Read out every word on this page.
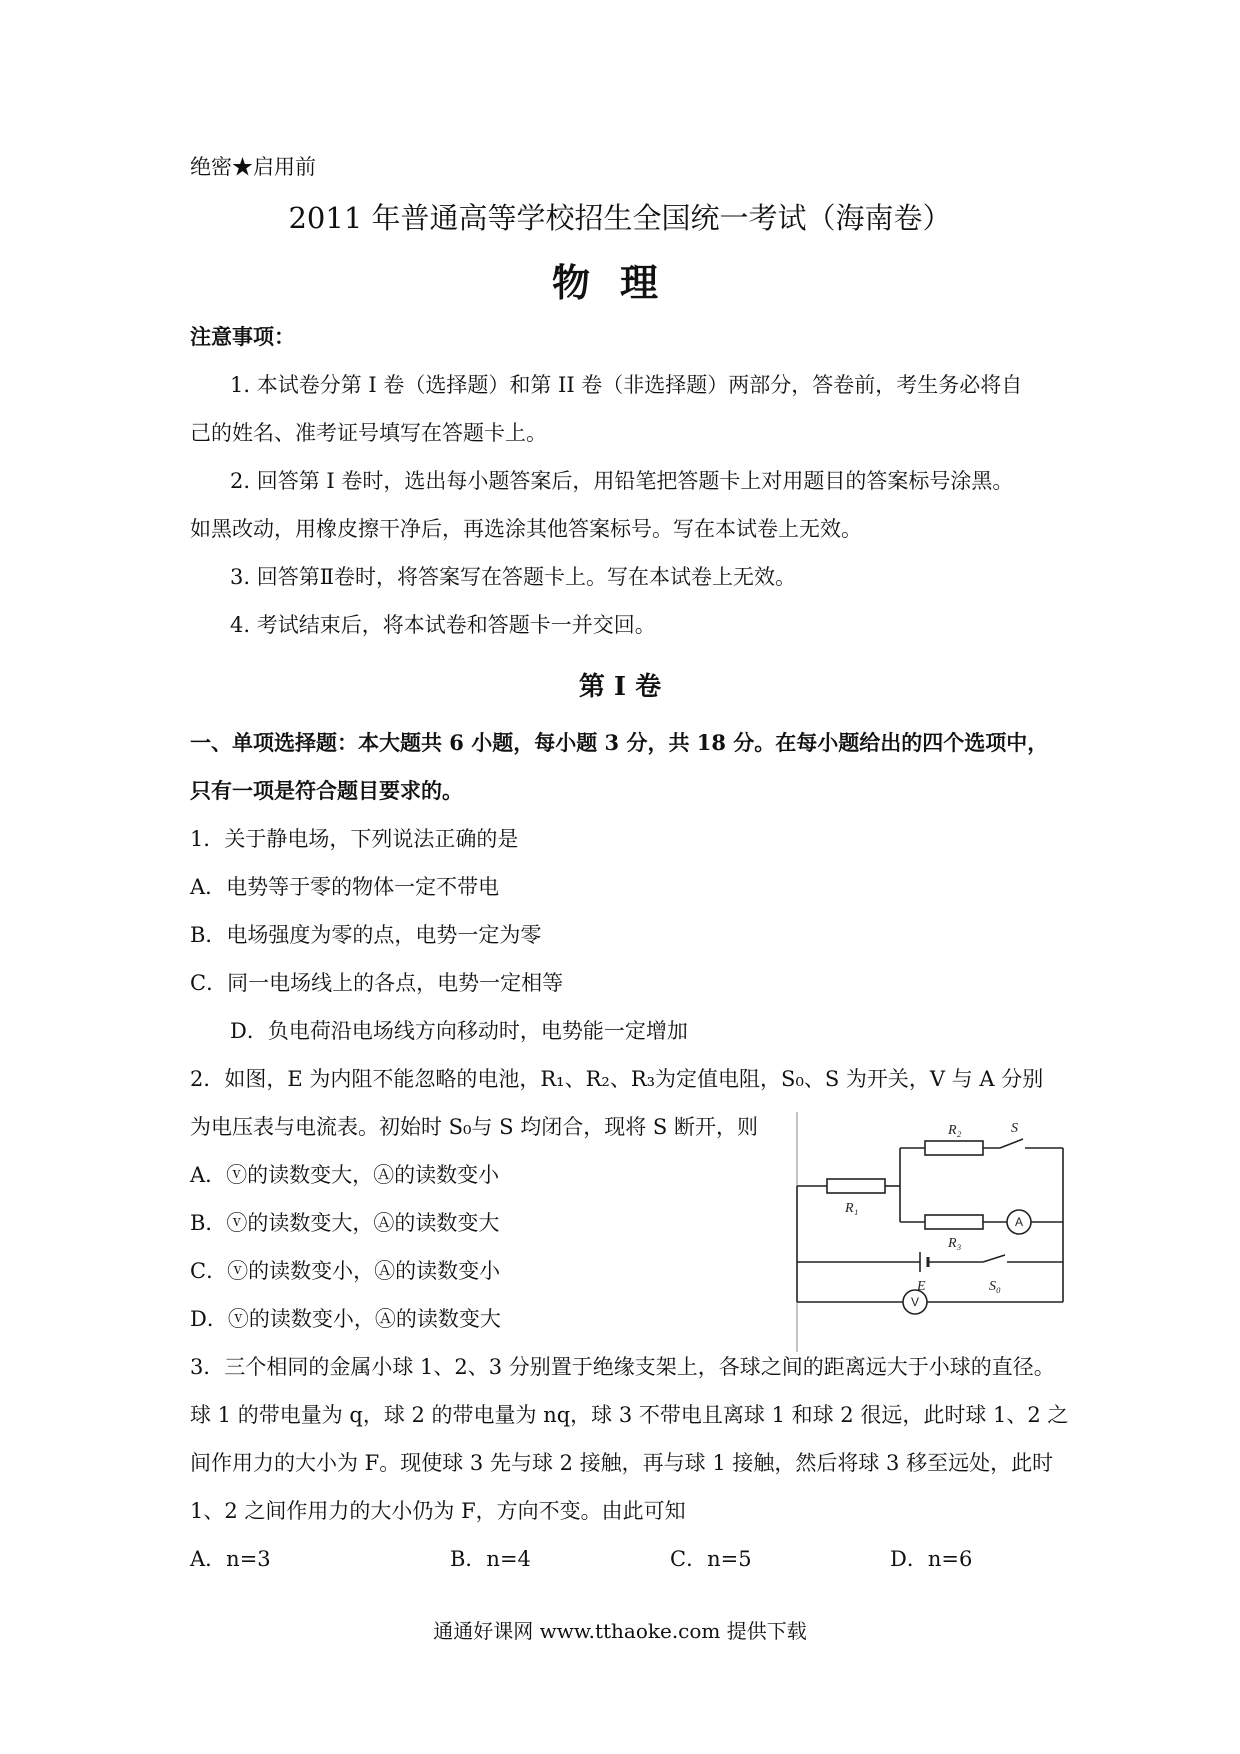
绝密★启用前
2011 年普通高等学校招生全国统一考试（海南卷）
物理
注意事项：
1. 本试卷分第 I 卷（选择题）和第 II 卷（非选择题）两部分，答卷前，考生务必将自
己的姓名、准考证号填写在答题卡上。
2. 回答第 I 卷时，选出每小题答案后，用铅笔把答题卡上对用题目的答案标号涂黑。
如黑改动，用橡皮擦干净后，再选涂其他答案标号。写在本试卷上无效。
3. 回答第Ⅱ卷时，将答案写在答题卡上。写在本试卷上无效。
4. 考试结束后，将本试卷和答题卡一并交回。
第 Ⅰ 卷
一、单项选择题：本大题共 6 小题，每小题 3 分，共 18 分。在每小题给出的四个选项中，
只有一项是符合题目要求的。
1．关于静电场，下列说法正确的是
A．电势等于零的物体一定不带电
B．电场强度为零的点，电势一定为零
C．同一电场线上的各点，电势一定相等
D．负电荷沿电场线方向移动时，电势能一定增加
2．如图，E 为内阻不能忽略的电池，R₁、R₂、R₃为定值电阻，S₀、S 为开关，V 与 A 分别
为电压表与电流表。初始时 S₀与 S 均闭合，现将 S 断开，则
A．ⓥ的读数变大，Ⓐ的读数变小
B．ⓥ的读数变大，Ⓐ的读数变大
C．ⓥ的读数变小，Ⓐ的读数变小
D．ⓥ的读数变小，Ⓐ的读数变大
R₂	S
R₁
R₃
E	S₀
A
V
3．三个相同的金属小球 1、2、3 分别置于绝缘支架上，各球之间的距离远大于小球的直径。
球 1 的带电量为 q，球 2 的带电量为 nq，球 3 不带电且离球 1 和球 2 很远，此时球 1、2 之
间作用力的大小为 F。现使球 3 先与球 2 接触，再与球 1 接触，然后将球 3 移至远处，此时
1、2 之间作用力的大小仍为 F，方向不变。由此可知
A．n=3	B．n=4	C．n=5	D．n=6
通通好课网 www.tthaoke.com 提供下载
